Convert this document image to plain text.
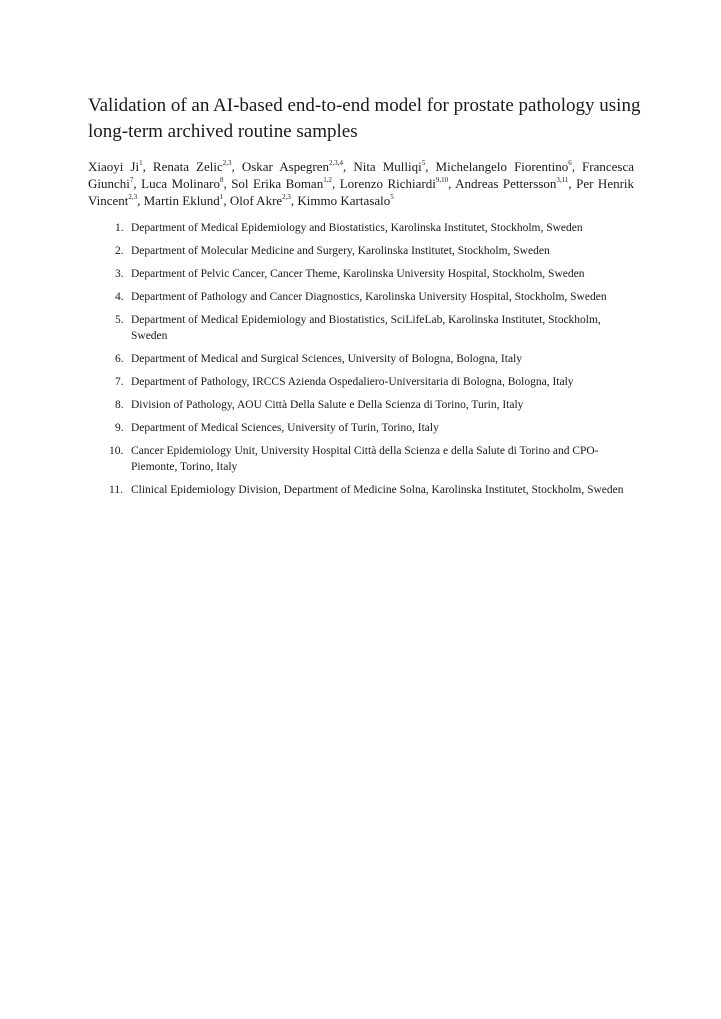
Validation of an AI-based end-to-end model for prostate pathology using long-term archived routine samples

Xiaoyi Ji$^1$, Renata Zelic$^{2,3}$, Oskar Aspegren$^{2,3,4}$, Nita Mulliqi$^5$, Michelangelo Fiorentino$^6$, Francesca Giunchi$^7$, Luca Molinaro$^8$, Sol Erika Boman$^{1,2}$, Lorenzo Richiardi$^{9,10}$, Andreas Pettersson$^{3,11}$, Per Henrik Vincent$^{2,3}$, Martin Eklund$^1$, Olof Akre$^{2,3}$, Kimmo Kartasalo$^5$

1. Department of Medical Epidemiology and Biostatistics, Karolinska Institutet, Stockholm, Sweden
2. Department of Molecular Medicine and Surgery, Karolinska Institutet, Stockholm, Sweden
3. Department of Pelvic Cancer, Cancer Theme, Karolinska University Hospital, Stockholm, Sweden
4. Department of Pathology and Cancer Diagnostics, Karolinska University Hospital, Stockholm, Sweden
5. Department of Medical Epidemiology and Biostatistics, SciLifeLab, Karolinska Institutet, Stockholm, Sweden
6. Department of Medical and Surgical Sciences, University of Bologna, Bologna, Italy
7. Department of Pathology, IRCCS Azienda Ospedaliero-Universitaria di Bologna, Bologna, Italy
8. Division of Pathology, AOU Città Della Salute e Della Scienza di Torino, Turin, Italy
9. Department of Medical Sciences, University of Turin, Torino, Italy
10. Cancer Epidemiology Unit, University Hospital Città della Scienza e della Salute di Torino and CPO-Piemonte, Torino, Italy
11. Clinical Epidemiology Division, Department of Medicine Solna, Karolinska Institutet, Stockholm, Sweden
